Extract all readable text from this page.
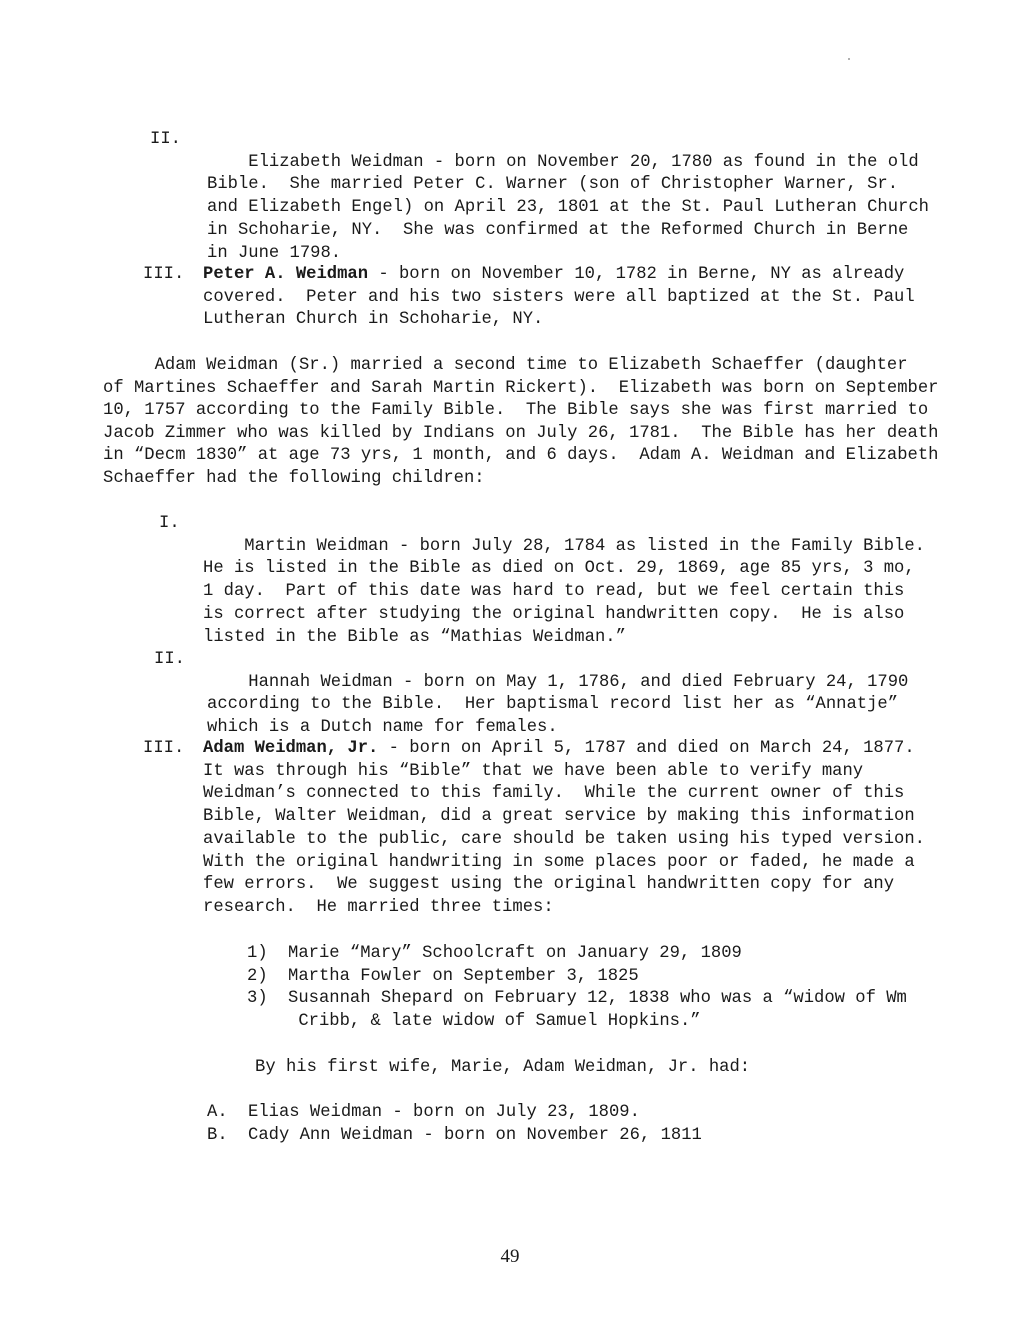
II.

Elizabeth Weidman - born on November 20, 1780 as found in the old
Bible.  She married Peter C. Warner (son of Christopher Warner, Sr.
and Elizabeth Engel) on April 23, 1801 at the St. Paul Lutheran Church
in Schoharie, NY.  She was confirmed at the Reformed Church in Berne
in June 1798.

III. Peter A. Weidman - born on November 10, 1782 in Berne, NY as already
covered.  Peter and his two sisters were all baptized at the St. Paul
Lutheran Church in Schoharie, NY.
Adam Weidman (Sr.) married a second time to Elizabeth Schaeffer (daughter
of Martines Schaeffer and Sarah Martin Rickert).  Elizabeth was born on September
10, 1757 according to the Family Bible.  The Bible says she was first married to
Jacob Zimmer who was killed by Indians on July 26, 1781.  The Bible has her death
in “Decm 1830” at age 73 yrs, 1 month, and 6 days.  Adam A. Weidman and Elizabeth
Schaeffer had the following children:
I.

Martin Weidman - born July 28, 1784 as listed in the Family Bible.
He is listed in the Bible as died on Oct. 29, 1869, age 85 yrs, 3 mo,
1 day.  Part of this date was hard to read, but we feel certain this
is correct after studying the original handwritten copy.  He is also
listed in the Bible as “Mathias Weidman.”

II.

Hannah Weidman - born on May 1, 1786, and died February 24, 1790
according to the Bible.  Her baptismal record list her as “Annatje”
which is a Dutch name for females.

III. Adam Weidman, Jr. - born on April 5, 1787 and died on March 24, 1877.
It was through his “Bible” that we have been able to verify many
Weidman’s connected to this family.  While the current owner of this
Bible, Walter Weidman, did a great service by making this information
available to the public, care should be taken using his typed version.
With the original handwriting in some places poor or faded, he made a
few errors.  We suggest using the original handwritten copy for any
research.  He married three times:
1) Marie “Mary” Schoolcraft on January 29, 1809
2) Martha Fowler on September 3, 1825
3) Susannah Shepard on February 12, 1838 who was a “widow of Wm
Cribb, & late widow of Samuel Hopkins.”
By his first wife, Marie, Adam Weidman, Jr. had:
A. Elias Weidman - born on July 23, 1809.
B. Cady Ann Weidman - born on November 26, 1811
49
